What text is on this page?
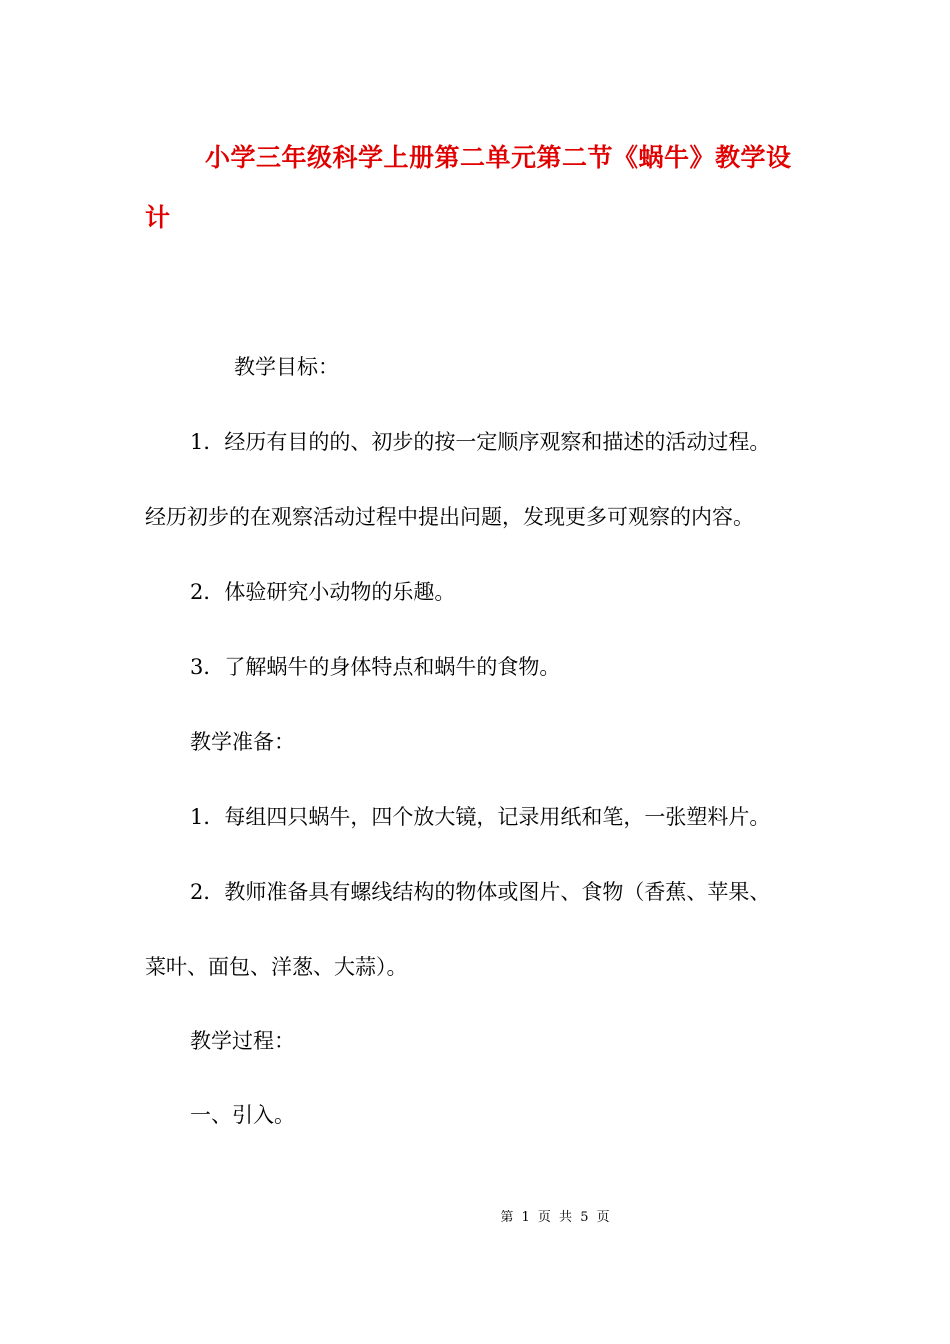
小学三年级科学上册第二单元第二节《蜗牛》教学设计

教学目标：

1．经历有目的的、初步的按一定顺序观察和描述的活动过程。

经历初步的在观察活动过程中提出问题，发现更多可观察的内容。

2．体验研究小动物的乐趣。

3．了解蜗牛的身体特点和蜗牛的食物。

教学准备：

1．每组四只蜗牛，四个放大镜，记录用纸和笔，一张塑料片。

2．教师准备具有螺线结构的物体或图片、食物（香蕉、苹果、

菜叶、面包、洋葱、大蒜）。

教学过程：

一、引入。

第 1 页 共 5 页
